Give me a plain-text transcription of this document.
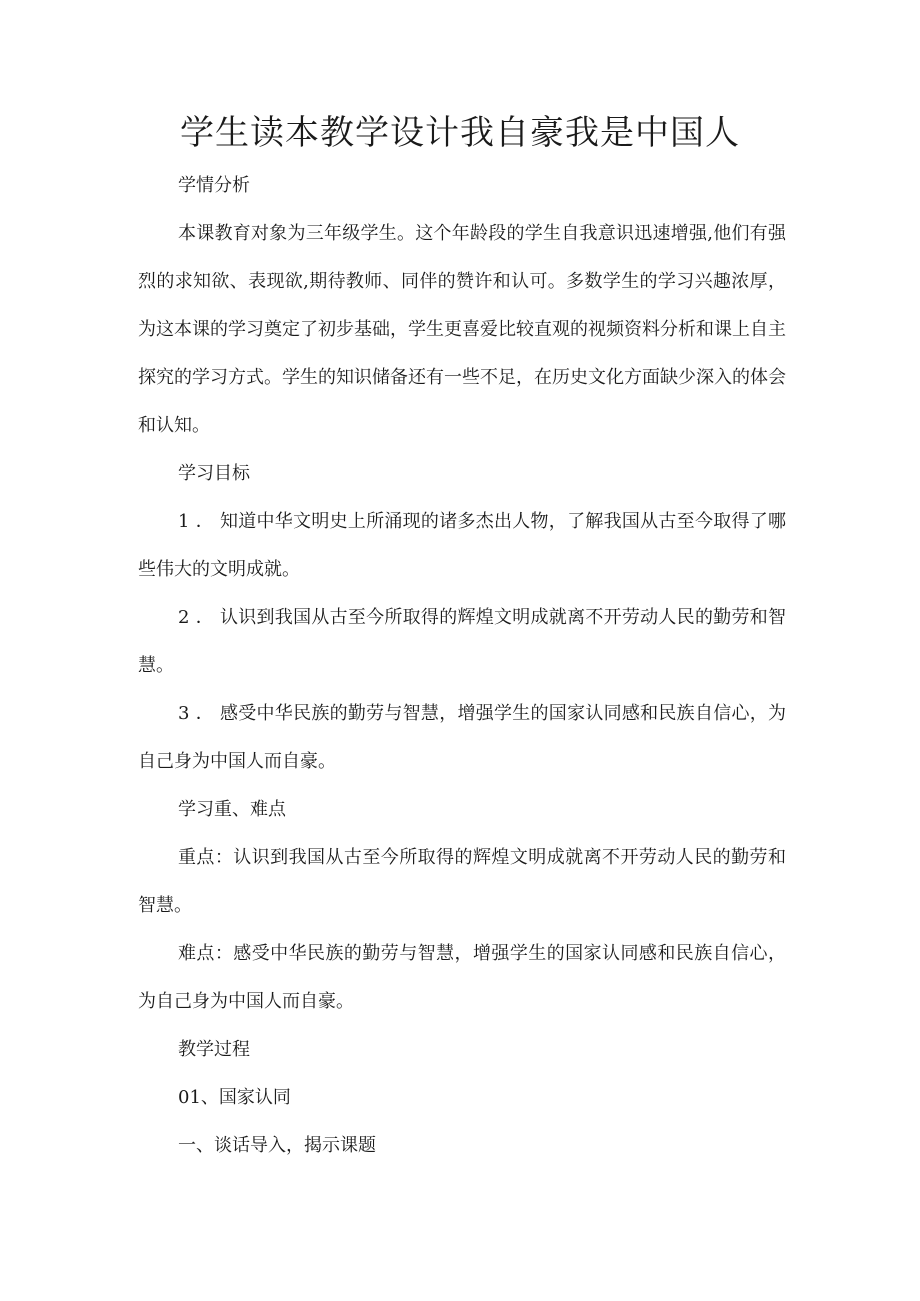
学生读本教学设计我自豪我是中国人

学情分析

本课教育对象为三年级学生。这个年龄段的学生自我意识迅速增强,他们有强烈的求知欲、表现欲,期待教师、同伴的赞许和认可。多数学生的学习兴趣浓厚，为这本课的学习奠定了初步基础，学生更喜爱比较直观的视频资料分析和课上自主探究的学习方式。学生的知识储备还有一些不足，在历史文化方面缺少深入的体会和认知。

学习目标

1．知道中华文明史上所涌现的诸多杰出人物，了解我国从古至今取得了哪些伟大的文明成就。

2．认识到我国从古至今所取得的辉煌文明成就离不开劳动人民的勤劳和智慧。

3．感受中华民族的勤劳与智慧，增强学生的国家认同感和民族自信心，为自己身为中国人而自豪。

学习重、难点

重点：认识到我国从古至今所取得的辉煌文明成就离不开劳动人民的勤劳和智慧。

难点：感受中华民族的勤劳与智慧，增强学生的国家认同感和民族自信心，为自己身为中国人而自豪。

教学过程

01、国家认同

一、谈话导入，揭示课题
